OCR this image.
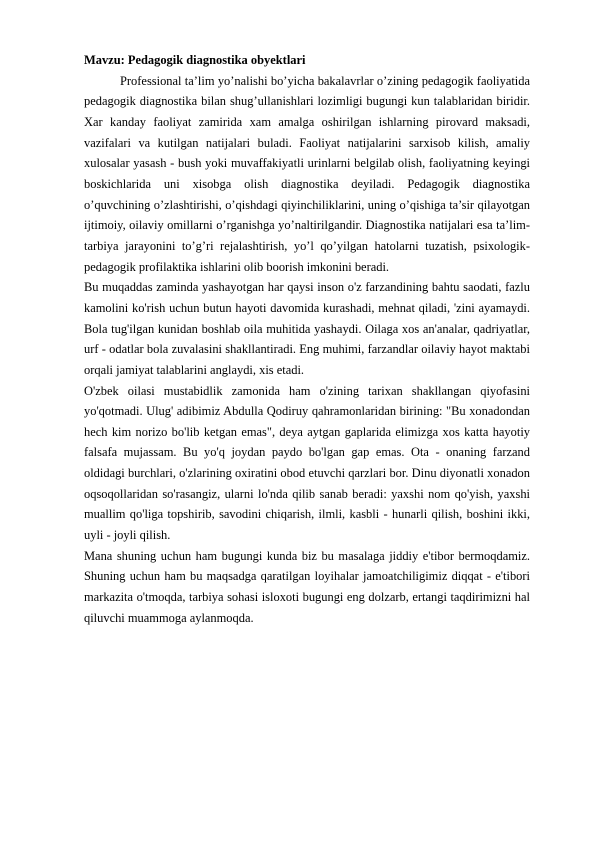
Mavzu: Pedagogik diagnostika obyektlari

Professional ta’lim yo’nalishi bo’yicha bakalavrlar o’zining pedagogik faoliyatida pedagogik diagnostika bilan shug’ullanishlari lozimligi bugungi kun talablaridan biridir. Xar kanday faoliyat zamirida xam amalga oshirilgan ishlarning pirovard maksadi, vazifalari va kutilgan natijalari buladi. Faoliyat natijalarini sarxisob kilish, amaliy xulosalar yasash - bush yoki muvaffakiyatli urinlarni belgilab olish, faoliyatning keyingi boskichlarida uni xisobga olish diagnostika deyiladi. Pedagogik diagnostika o’quvchining o’zlashtirishi, o’qishdagi qiyinchiliklarini, uning o’qishiga ta’sir qilayotgan ijtimoiy, oilaviy omillarni o’rganishga yo’naltirilgandir. Diagnostika natijalari esa ta’lim-tarbiya jarayonini to’g’ri rejalashtirish, yo’l qo’yilgan hatolarni tuzatish, psixologik-pedagogik profilaktika ishlarini olib boorish imkonini beradi.

Bu muqaddas zaminda yashayotgan har qaysi inson o'z farzandining bahtu saodati, fazlu kamolini ko'rish uchun butun hayoti davomida kurashadi, mehnat qiladi, 'zini ayamaydi. Bola tug'ilgan kunidan boshlab oila muhitida yashaydi. Oilaga xos an'analar, qadriyatlar, urf - odatlar bola zuvalasini shakllantiradi. Eng muhimi, farzandlar oilaviy hayot maktabi orqali jamiyat talablarini anglaydi, xis etadi.

O'zbek oilasi mustabidlik zamonida ham o'zining tarixan shakllangan qiyofasini yo'qotmadi. Ulug' adibimiz Abdulla Qodiruy qahramonlaridan birining: "Bu xonadondan hech kim norizo bo'lib ketgan emas", deya aytgan gaplarida elimizga xos katta hayotiy falsafa mujassam. Bu yo'q joydan paydo bo'lgan gap emas. Ota - onaning farzand oldidagi burchlari, o'zlarining oxiratini obod etuvchi qarzlari bor. Dinu diyonatli xonadon oqsoqollaridan so'rasangiz, ularni lo'nda qilib sanab beradi: yaxshi nom qo'yish, yaxshi muallim qo'liga topshirib, savodini chiqarish, ilmli, kasbli - hunarli qilish, boshini ikki, uyli - joyli qilish.

Mana shuning uchun ham bugungi kunda biz bu masalaga jiddiy e'tibor bermoqdamiz. Shuning uchun ham bu maqsadga qaratilgan loyihalar jamoatchiligimiz diqqat - e'tibori markazita o'tmoqda, tarbiya sohasi isloxoti bugungi eng dolzarb, ertangi taqdirimizni hal qiluvchi muammoga aylanmoqda.
